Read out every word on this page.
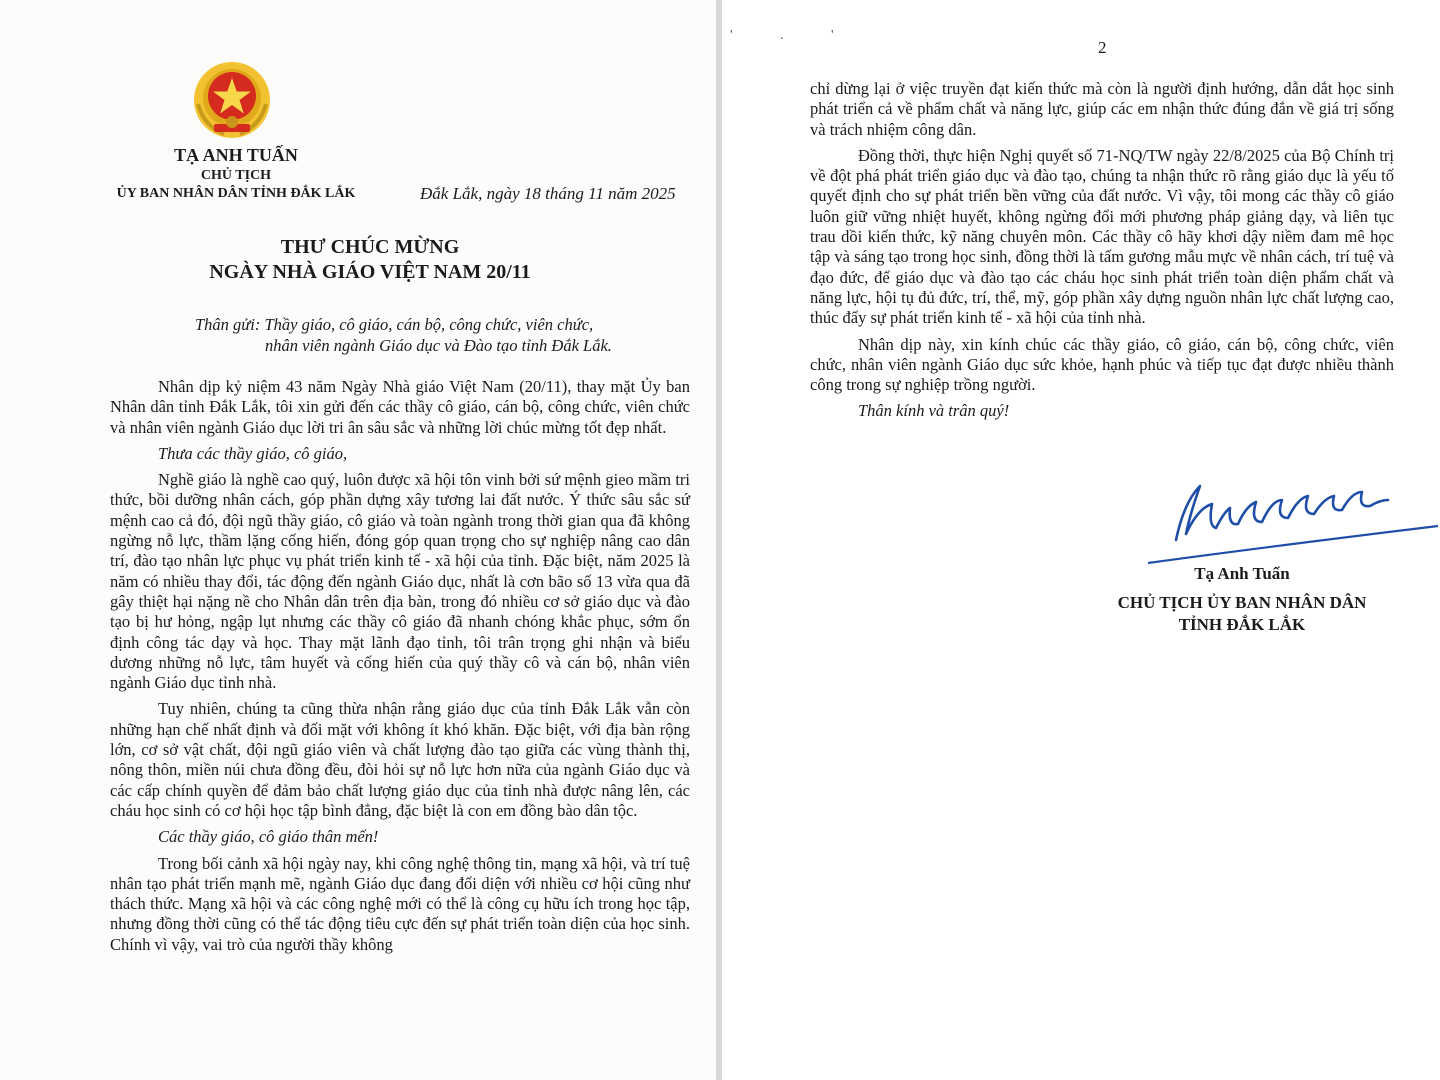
TẠ ANH TUẤN
CHỦ TỊCH
ỦY BAN NHÂN DÂN TỈNH ĐẮK LẮK	Đắk Lắk, ngày 18 tháng 11 năm 2025
THƯ CHÚC MỪNG
NGÀY NHÀ GIÁO VIỆT NAM 20/11
Thân gửi: Thầy giáo, cô giáo, cán bộ, công chức, viên chức,
nhân viên ngành Giáo dục và Đào tạo tỉnh Đắk Lắk.

Nhân dịp kỷ niệm 43 năm Ngày Nhà giáo Việt Nam (20/11), thay mặt Ủy ban Nhân dân tỉnh Đắk Lắk, tôi xin gửi đến các thầy cô giáo, cán bộ, công chức, viên chức và nhân viên ngành Giáo dục lời tri ân sâu sắc và những lời chúc mừng tốt đẹp nhất.

Thưa các thầy giáo, cô giáo,

Nghề giáo là nghề cao quý, luôn được xã hội tôn vinh bởi sứ mệnh gieo mầm tri thức, bồi dưỡng nhân cách, góp phần dựng xây tương lai đất nước. Ý thức sâu sắc sứ mệnh cao cả đó, đội ngũ thầy giáo, cô giáo và toàn ngành trong thời gian qua đã không ngừng nỗ lực, thầm lặng cống hiến, đóng góp quan trọng cho sự nghiệp nâng cao dân trí, đào tạo nhân lực phục vụ phát triển kinh tế - xã hội của tỉnh. Đặc biệt, năm 2025 là năm có nhiều thay đổi, tác động đến ngành Giáo dục, nhất là cơn bão số 13 vừa qua đã gây thiệt hại nặng nề cho Nhân dân trên địa bàn, trong đó nhiều cơ sở giáo dục và đào tạo bị hư hỏng, ngập lụt nhưng các thầy cô giáo đã nhanh chóng khắc phục, sớm ổn định công tác dạy và học. Thay mặt lãnh đạo tỉnh, tôi trân trọng ghi nhận và biểu dương những nỗ lực, tâm huyết và cống hiến của quý thầy cô và cán bộ, nhân viên ngành Giáo dục tỉnh nhà.

Tuy nhiên, chúng ta cũng thừa nhận rằng giáo dục của tỉnh Đắk Lắk vẫn còn những hạn chế nhất định và đối mặt với không ít khó khăn. Đặc biệt, với địa bàn rộng lớn, cơ sở vật chất, đội ngũ giáo viên và chất lượng đào tạo giữa các vùng thành thị, nông thôn, miền núi chưa đồng đều, đòi hỏi sự nỗ lực hơn nữa của ngành Giáo dục và các cấp chính quyền để đảm bảo chất lượng giáo dục của tỉnh nhà được nâng lên, các cháu học sinh có cơ hội học tập bình đẳng, đặc biệt là con em đồng bào dân tộc.

Các thầy giáo, cô giáo thân mến!

Trong bối cảnh xã hội ngày nay, khi công nghệ thông tin, mạng xã hội, và trí tuệ nhân tạo phát triển mạnh mẽ, ngành Giáo dục đang đối diện với nhiều cơ hội cũng như thách thức. Mạng xã hội và các công nghệ mới có thể là công cụ hữu ích trong học tập, nhưng đồng thời cũng có thể tác động tiêu cực đến sự phát triển toàn diện của học sinh. Chính vì vậy, vai trò của người thầy không

' . '
2

chỉ dừng lại ở việc truyền đạt kiến thức mà còn là người định hướng, dẫn dắt học sinh phát triển cả về phẩm chất và năng lực, giúp các em nhận thức đúng đắn về giá trị sống và trách nhiệm công dân.

Đồng thời, thực hiện Nghị quyết số 71-NQ/TW ngày 22/8/2025 của Bộ Chính trị về đột phá phát triển giáo dục và đào tạo, chúng ta nhận thức rõ rằng giáo dục là yếu tố quyết định cho sự phát triển bền vững của đất nước. Vì vậy, tôi mong các thầy cô giáo luôn giữ vững nhiệt huyết, không ngừng đổi mới phương pháp giảng dạy, và liên tục trau dồi kiến thức, kỹ năng chuyên môn. Các thầy cô hãy khơi dậy niềm đam mê học tập và sáng tạo trong học sinh, đồng thời là tấm gương mẫu mực về nhân cách, trí tuệ và đạo đức, để giáo dục và đào tạo các cháu học sinh phát triển toàn diện phẩm chất và năng lực, hội tụ đủ đức, trí, thể, mỹ, góp phần xây dựng nguồn nhân lực chất lượng cao, thúc đẩy sự phát triển kinh tế - xã hội của tỉnh nhà.

Nhân dịp này, xin kính chúc các thầy giáo, cô giáo, cán bộ, công chức, viên chức, nhân viên ngành Giáo dục sức khỏe, hạnh phúc và tiếp tục đạt được nhiều thành công trong sự nghiệp trồng người.

Thân kính và trân quý!

Tạ Anh Tuấn
CHỦ TỊCH ỦY BAN NHÂN DÂN
TỈNH ĐẮK LẮK
